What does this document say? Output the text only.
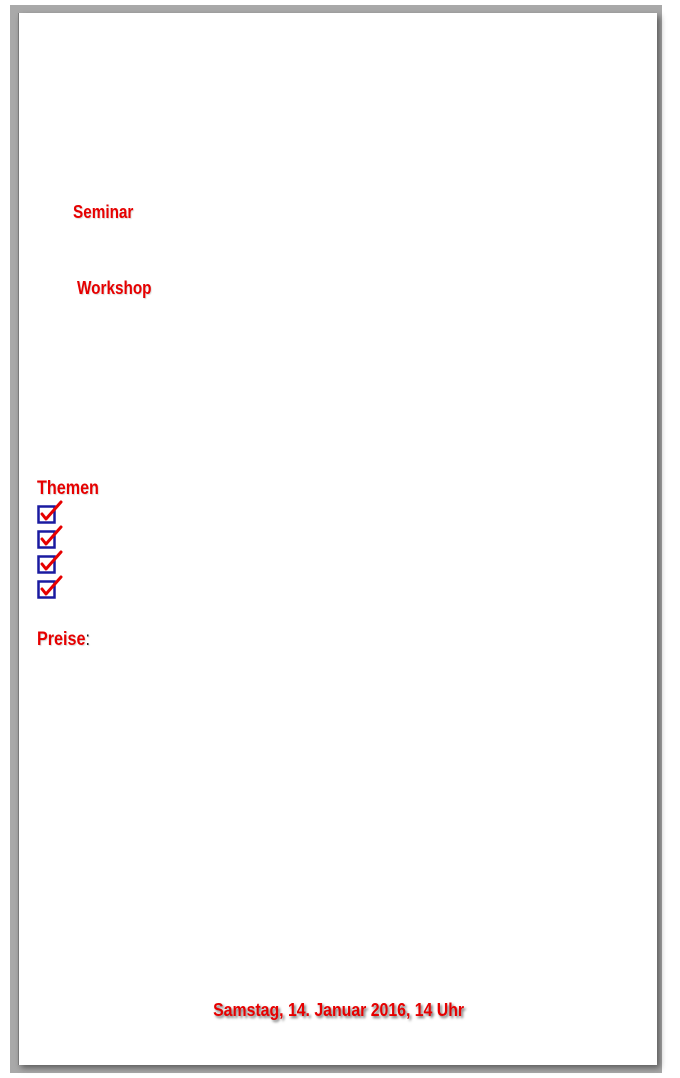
Seminar
Workshop
Themen
Preise:
Samstag, 14. Januar 2016, 14 Uhr
